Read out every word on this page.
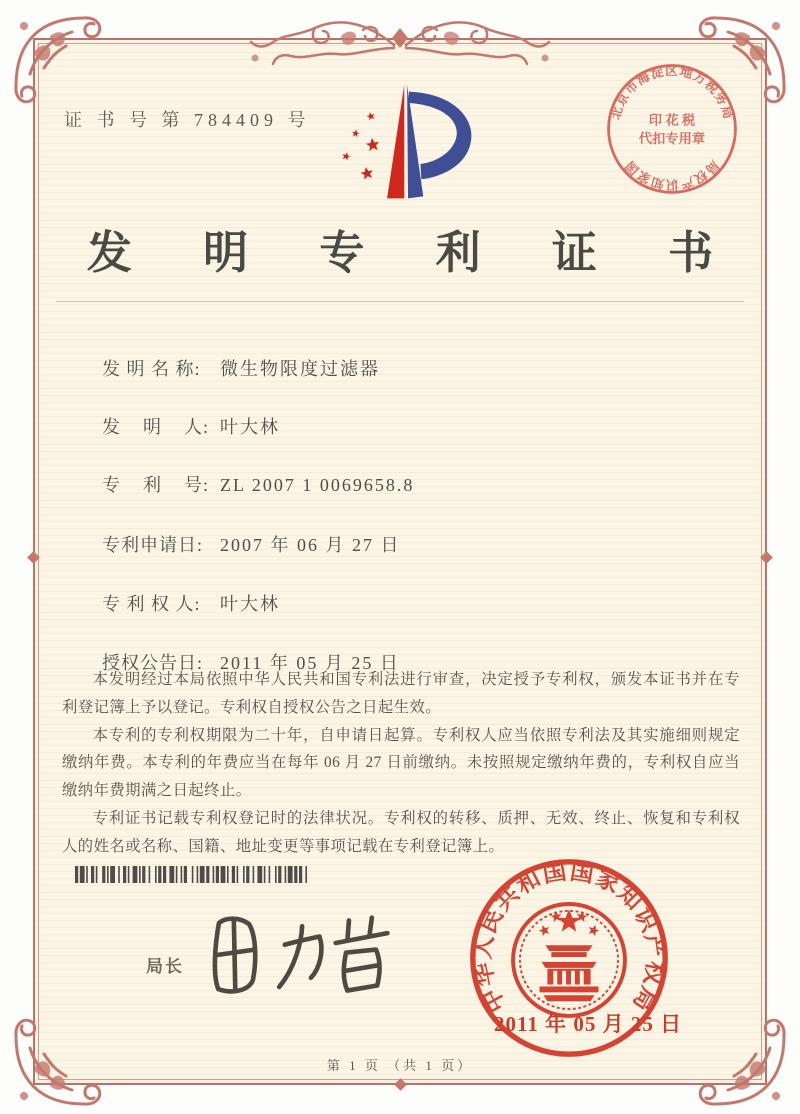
证 书 号 第 784409 号	北京市海淀区地方税务局
局权产识知家国
印 花 税
代扣专用章
发 明 专 利 证 书

发 明 名 称: 微生物限度过滤器

发    明    人: 叶大林

专    利    号: ZL 2007 1 0069658.8

专利申请日: 2007 年 06 月 27 日

专 利 权 人: 叶大林

授权公告日: 2011 年 05 月 25 日

本发明经过本局依照中华人民共和国专利法进行审查，决定授予专利权，颁发本证书并在专利登记簿上予以登记。专利权自授权公告之日起生效。

本专利的专利权期限为二十年，自申请日起算。专利权人应当依照专利法及其实施细则规定缴纳年费。本专利的年费应当在每年 06 月 27 日前缴纳。未按照规定缴纳年费的，专利权自应当缴纳年费期满之日起终止。

专利证书记载专利权登记时的法律状况。专利权的转移、质押、无效、终止、恢复和专利权人的姓名或名称、国籍、地址变更等事项记载在专利登记簿上。

局长
中华人民共和国国家知识产权局
2011 年 05 月 25 日
第 1 页 （共 1 页）
